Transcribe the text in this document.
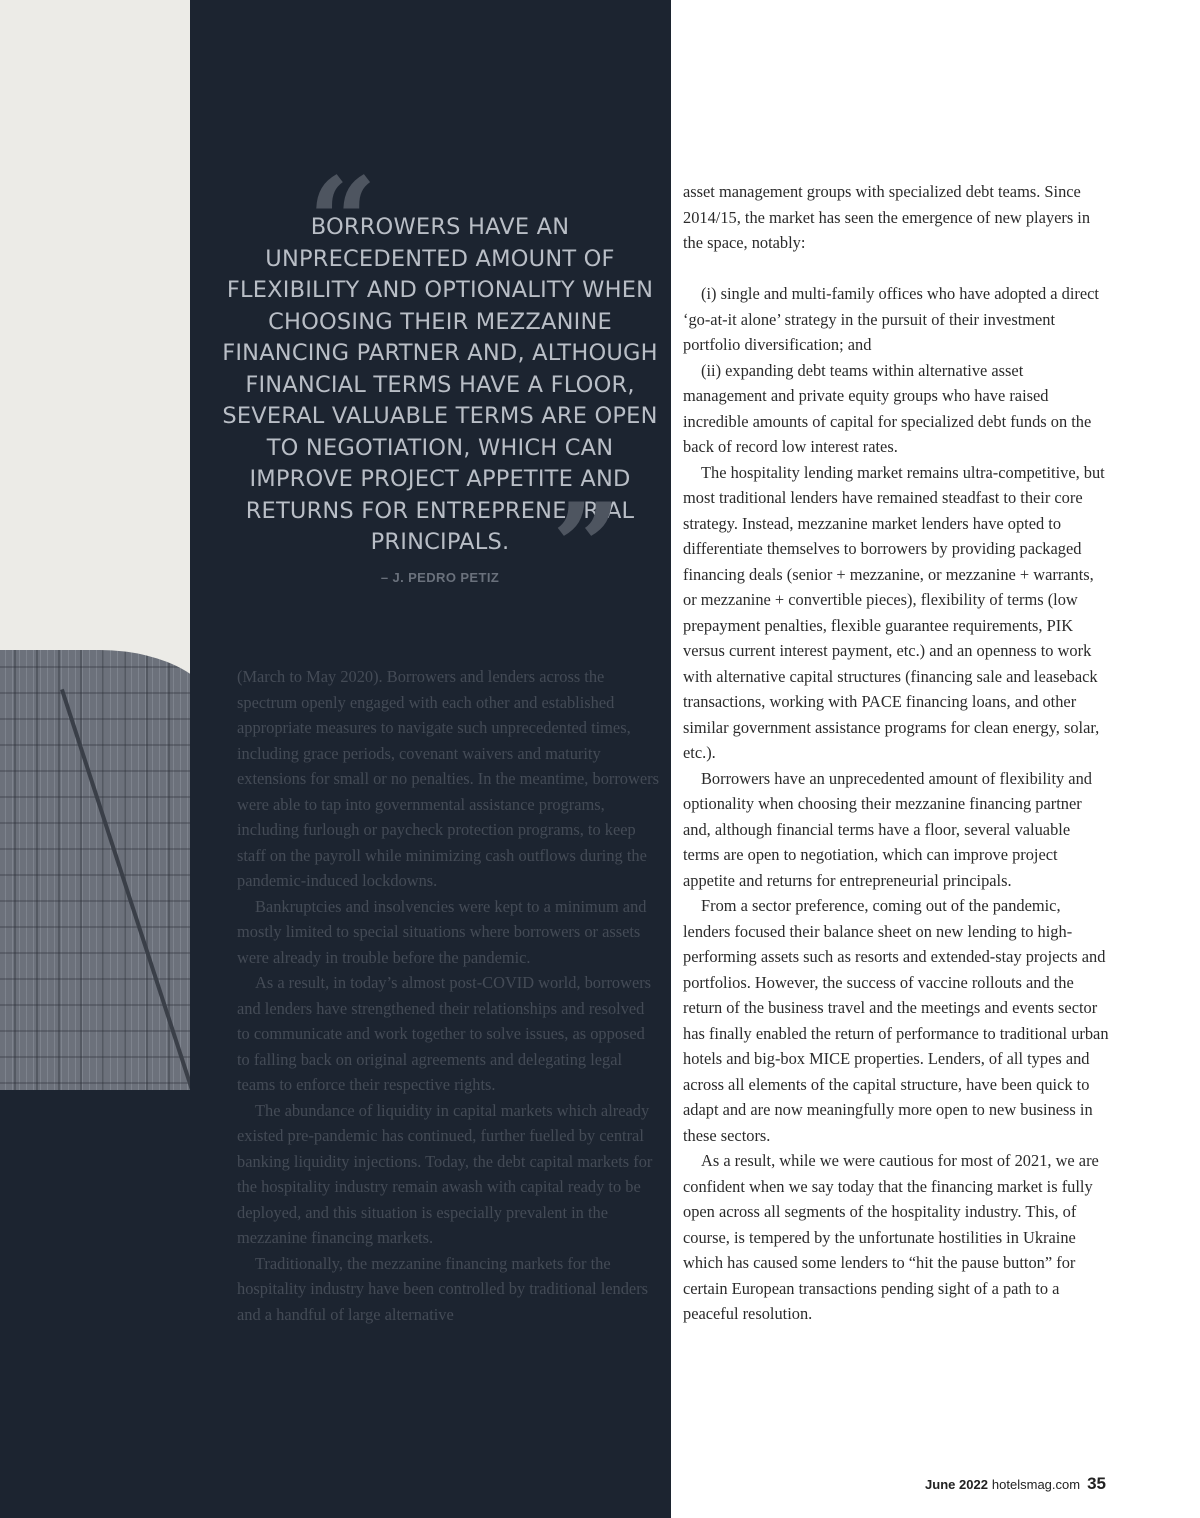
“

BORROWERS HAVE AN UNPRECEDENTED AMOUNT OF FLEXIBILITY AND OPTIONALITY WHEN CHOOSING THEIR MEZZANINE FINANCING PARTNER AND, ALTHOUGH FINANCIAL TERMS HAVE A FLOOR, SEVERAL VALUABLE TERMS ARE OPEN TO NEGOTIATION, WHICH CAN IMPROVE PROJECT APPETITE AND RETURNS FOR ENTREPRENEURIAL PRINCIPALS. ”
– J. PEDRO PETIZ

(March to May 2020). Borrowers and lenders across the spectrum openly engaged with each other and established appropriate measures to navigate such unprecedented times, including grace periods, covenant waivers and maturity extensions for small or no penalties. In the meantime, borrowers were able to tap into governmental assistance programs, including furlough or paycheck protection programs, to keep staff on the payroll while minimizing cash outflows during the pandemic-induced lockdowns.

Bankruptcies and insolvencies were kept to a minimum and mostly limited to special situations where borrowers or assets were already in trouble before the pandemic.

As a result, in today’s almost post-COVID world, borrowers and lenders have strengthened their relationships and resolved to communicate and work together to solve issues, as opposed to falling back on original agreements and delegating legal teams to enforce their respective rights.

The abundance of liquidity in capital markets which already existed pre-pandemic has continued, further fuelled by central banking liquidity injections. Today, the debt capital markets for the hospitality industry remain awash with capital ready to be deployed, and this situation is especially prevalent in the mezzanine financing markets.

Traditionally, the mezzanine financing markets for the hospitality industry have been controlled by traditional lenders and a handful of large alternative

asset management groups with specialized debt teams. Since 2014/15, the market has seen the emergence of new players in the space, notably:

(i) single and multi-family offices who have adopted a direct ‘go-at-it alone’ strategy in the pursuit of their investment portfolio diversification; and

(ii) expanding debt teams within alternative asset management and private equity groups who have raised incredible amounts of capital for specialized debt funds on the back of record low interest rates.

The hospitality lending market remains ultra-competitive, but most traditional lenders have remained steadfast to their core strategy. Instead, mezzanine market lenders have opted to differentiate themselves to borrowers by providing packaged financing deals (senior + mezzanine, or mezzanine + warrants, or mezzanine + convertible pieces), flexibility of terms (low prepayment penalties, flexible guarantee requirements, PIK versus current interest payment, etc.) and an openness to work with alternative capital structures (financing sale and leaseback transactions, working with PACE financing loans, and other similar government assistance programs for clean energy, solar, etc.).

Borrowers have an unprecedented amount of flexibility and optionality when choosing their mezzanine financing partner and, although financial terms have a floor, several valuable terms are open to negotiation, which can improve project appetite and returns for entrepreneurial principals.

From a sector preference, coming out of the pandemic, lenders focused their balance sheet on new lending to high-performing assets such as resorts and extended-stay projects and portfolios. However, the success of vaccine rollouts and the return of the business travel and the meetings and events sector has finally enabled the return of performance to traditional urban hotels and big-box MICE properties. Lenders, of all types and across all elements of the capital structure, have been quick to adapt and are now meaningfully more open to new business in these sectors.

As a result, while we were cautious for most of 2021, we are confident when we say today that the financing market is fully open across all segments of the hospitality industry. This, of course, is tempered by the unfortunate hostilities in Ukraine which has caused some lenders to “hit the pause button” for certain European transactions pending sight of a path to a peaceful resolution.

June 2022 hotelsmag.com 35
